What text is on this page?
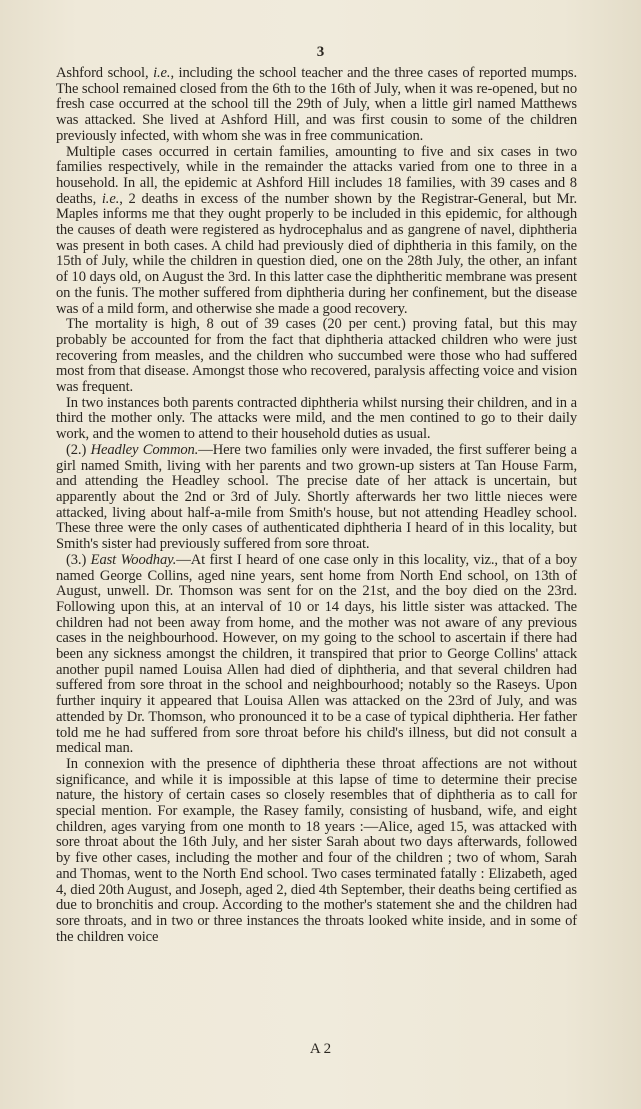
3

Ashford school, i.e., including the school teacher and the three cases of reported mumps. The school remained closed from the 6th to the 16th of July, when it was re-opened, but no fresh case occurred at the school till the 29th of July, when a little girl named Matthews was attacked. She lived at Ashford Hill, and was first cousin to some of the children previously infected, with whom she was in free communication.

Multiple cases occurred in certain families, amounting to five and six cases in two families respectively, while in the remainder the attacks varied from one to three in a household. In all, the epidemic at Ashford Hill includes 18 families, with 39 cases and 8 deaths, i.e., 2 deaths in excess of the number shown by the Registrar-General, but Mr. Maples informs me that they ought properly to be included in this epidemic, for although the causes of death were registered as hydrocephalus and as gangrene of navel, diphtheria was present in both cases. A child had previously died of diphtheria in this family, on the 15th of July, while the children in question died, one on the 28th July, the other, an infant of 10 days old, on August the 3rd. In this latter case the diphtheritic membrane was present on the funis. The mother suffered from diphtheria during her confinement, but the disease was of a mild form, and otherwise she made a good recovery.

The mortality is high, 8 out of 39 cases (20 per cent.) proving fatal, but this may probably be accounted for from the fact that diphtheria attacked children who were just recovering from measles, and the children who succumbed were those who had suffered most from that disease. Amongst those who recovered, paralysis affecting voice and vision was frequent.

In two instances both parents contracted diphtheria whilst nursing their children, and in a third the mother only. The attacks were mild, and the men contined to go to their daily work, and the women to attend to their household duties as usual.

(2.) Headley Common.—Here two families only were invaded, the first sufferer being a girl named Smith, living with her parents and two grown-up sisters at Tan House Farm, and attending the Headley school. The precise date of her attack is uncertain, but apparently about the 2nd or 3rd of July. Shortly afterwards her two little nieces were attacked, living about half-a-mile from Smith's house, but not attending Headley school. These three were the only cases of authenticated diphtheria I heard of in this locality, but Smith's sister had previously suffered from sore throat.

(3.) East Woodhay.—At first I heard of one case only in this locality, viz., that of a boy named George Collins, aged nine years, sent home from North End school, on 13th of August, unwell. Dr. Thomson was sent for on the 21st, and the boy died on the 23rd. Following upon this, at an interval of 10 or 14 days, his little sister was attacked. The children had not been away from home, and the mother was not aware of any previous cases in the neighbourhood. However, on my going to the school to ascertain if there had been any sickness amongst the children, it transpired that prior to George Collins' attack another pupil named Louisa Allen had died of diphtheria, and that several children had suffered from sore throat in the school and neighbourhood; notably so the Raseys. Upon further inquiry it appeared that Louisa Allen was attacked on the 23rd of July, and was attended by Dr. Thomson, who pronounced it to be a case of typical diphtheria. Her father told me he had suffered from sore throat before his child's illness, but did not consult a medical man.

In connexion with the presence of diphtheria these throat affections are not without significance, and while it is impossible at this lapse of time to determine their precise nature, the history of certain cases so closely resembles that of diphtheria as to call for special mention. For example, the Rasey family, consisting of husband, wife, and eight children, ages varying from one month to 18 years :—Alice, aged 15, was attacked with sore throat about the 16th July, and her sister Sarah about two days afterwards, followed by five other cases, including the mother and four of the children ; two of whom, Sarah and Thomas, went to the North End school. Two cases terminated fatally : Elizabeth, aged 4, died 20th August, and Joseph, aged 2, died 4th September, their deaths being certified as due to bronchitis and croup. According to the mother's statement she and the children had sore throats, and in two or three instances the throats looked white inside, and in some of the children voice

A 2
